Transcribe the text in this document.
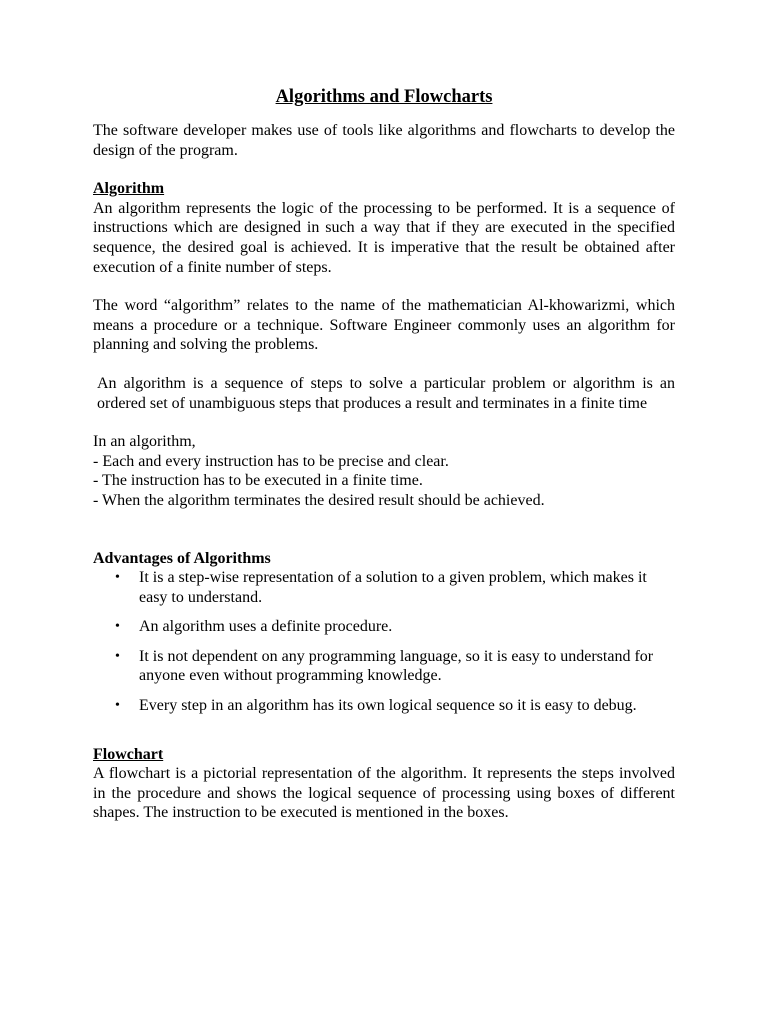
Algorithms and Flowcharts

The software developer makes use of tools like algorithms and flowcharts to develop the design of the program.

Algorithm

An algorithm represents the logic of the processing to be performed. It is a sequence of instructions which are designed in such a way that if they are executed in the specified sequence, the desired goal is achieved. It is imperative that the result be obtained after execution of a finite number of steps.

The word “algorithm” relates to the name of the mathematician Al-khowarizmi, which means a procedure or a technique. Software Engineer commonly uses an algorithm for planning and solving the problems.

An algorithm is a sequence of steps to solve a particular problem or algorithm is an ordered set of unambiguous steps that produces a result and terminates in a finite time

In an algorithm,
- Each and every instruction has to be precise and clear.
- The instruction has to be executed in a finite time.
- When the algorithm terminates the desired result should be achieved.
Advantages of Algorithms
• It is a step-wise representation of a solution to a given problem, which makes it easy to understand.
• An algorithm uses a definite procedure.
• It is not dependent on any programming language, so it is easy to understand for anyone even without programming knowledge.
• Every step in an algorithm has its own logical sequence so it is easy to debug.
Flowchart

A flowchart is a pictorial representation of the algorithm. It represents the steps involved in the procedure and shows the logical sequence of processing using boxes of different shapes. The instruction to be executed is mentioned in the boxes.
